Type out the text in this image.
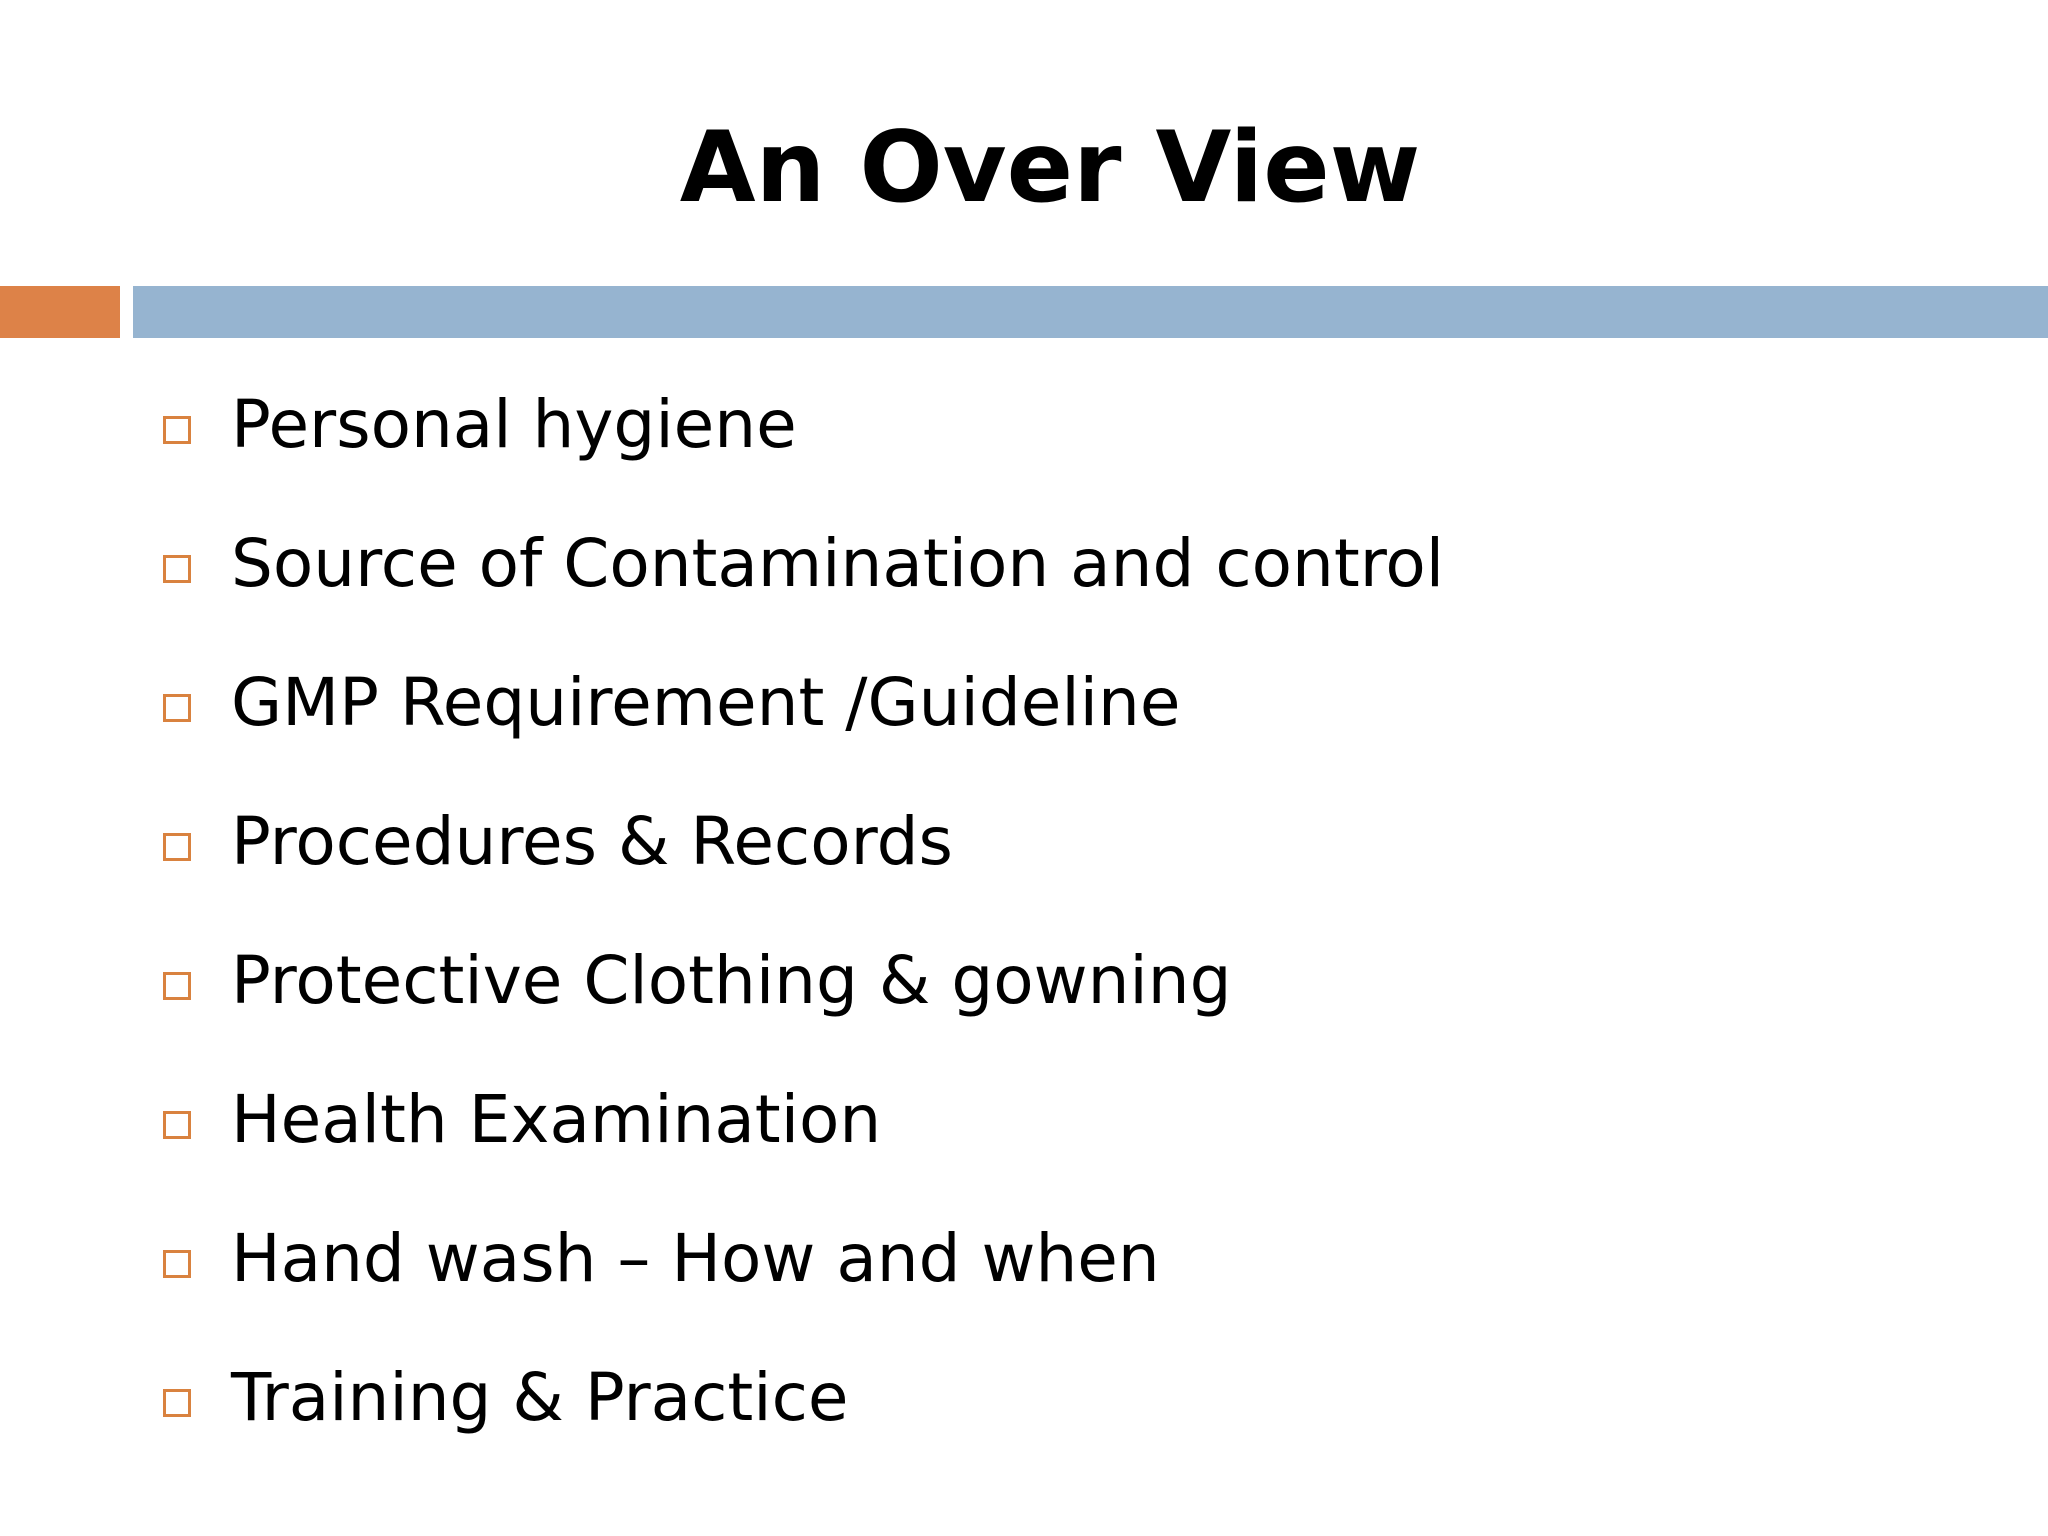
An Over View
Personal hygiene
Source of Contamination and control
GMP Requirement /Guideline
Procedures & Records
Protective Clothing & gowning
Health Examination
Hand wash – How and when
Training & Practice
